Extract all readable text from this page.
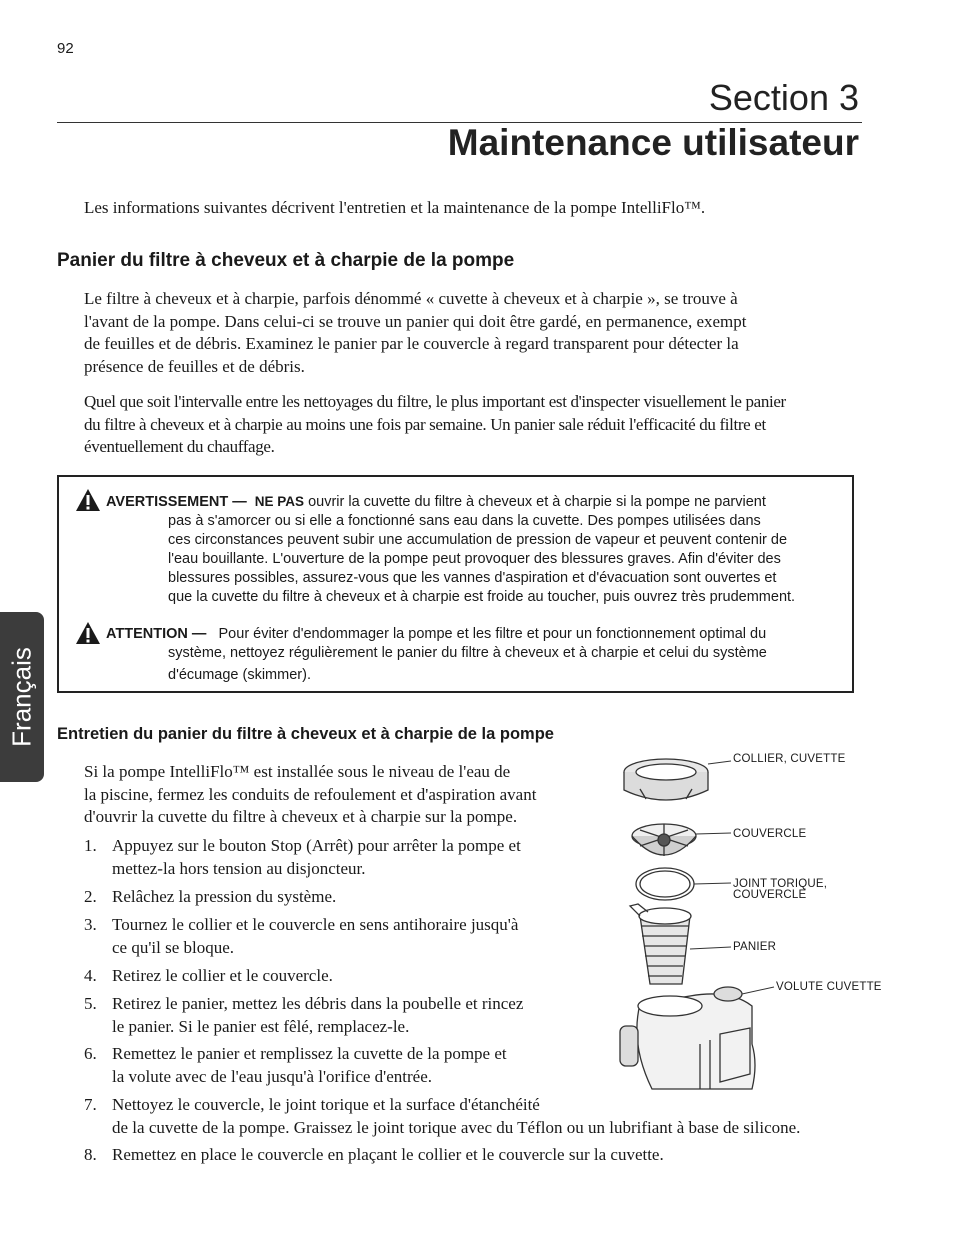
92
Section 3
Maintenance utilisateur
Les informations suivantes décrivent l'entretien et la maintenance de la pompe IntelliFlo™.
Panier du filtre à cheveux et à charpie de la pompe
Le filtre à cheveux et à charpie, parfois dénommé « cuvette à cheveux et à charpie », se trouve à
l'avant de la pompe. Dans celui-ci se trouve un panier qui doit être gardé, en permanence, exempt
de feuilles et de débris. Examinez le panier par le couvercle à regard transparent pour détecter la
présence de feuilles et de débris.
Quel que soit l'intervalle entre les nettoyages du filtre, le plus important est d'inspecter visuellement le panier
du filtre à cheveux et à charpie au moins une fois par semaine. Un panier sale réduit l'efficacité du filtre et
éventuellement du chauffage.
AVERTISSEMENT — NE PAS ouvrir la cuvette du filtre à cheveux et à charpie si la pompe ne parvient
pas à s'amorcer ou si elle a fonctionné sans eau dans la cuvette. Des pompes utilisées dans
ces circonstances peuvent subir une accumulation de pression de vapeur et peuvent contenir de
l'eau bouillante. L'ouverture de la pompe peut provoquer des blessures graves. Afin d'éviter des
blessures possibles, assurez-vous que les vannes d'aspiration et d'évacuation sont ouvertes et
que la cuvette du filtre à cheveux et à charpie est froide au toucher, puis ouvrez très prudemment.
ATTENTION — Pour éviter d'endommager la pompe et les filtre et pour un fonctionnement optimal du
système, nettoyez régulièrement le panier du filtre à cheveux et à charpie et celui du système
d'écumage (skimmer).
Français Entretien du panier du filtre à cheveux et à charpie de la pompe
Si la pompe IntelliFlo™ est installée sous le niveau de l'eau de
la piscine, fermez les conduits de refoulement et d'aspiration avant
d'ouvrir la cuvette du filtre à cheveux et à charpie sur la pompe.
1. Appuyez sur le bouton Stop (Arrêt) pour arrêter la pompe et
mettez-la hors tension au disjoncteur.
2. Relâchez la pression du système.
3. Tournez le collier et le couvercle en sens antihoraire jusqu'à
ce qu'il se bloque.
4. Retirez le collier et le couvercle.
5. Retirez le panier, mettez les débris dans la poubelle et rincez
le panier. Si le panier est fêlé, remplacez-le.
6. Remettez le panier et remplissez la cuvette de la pompe et
la volute avec de l'eau jusqu'à l'orifice d'entrée.
7. Nettoyez le couvercle, le joint torique et la surface d'étanchéité
de la cuvette de la pompe. Graissez le joint torique avec du Téflon ou un lubrifiant à base de silicone.
8. Remettez en place le couvercle en plaçant le collier et le couvercle sur la cuvette.
COLLIER, CUVETTE
COUVERCLE
JOINT TORIQUE,
COUVERCLE
PANIER
VOLUTE CUVETTE
